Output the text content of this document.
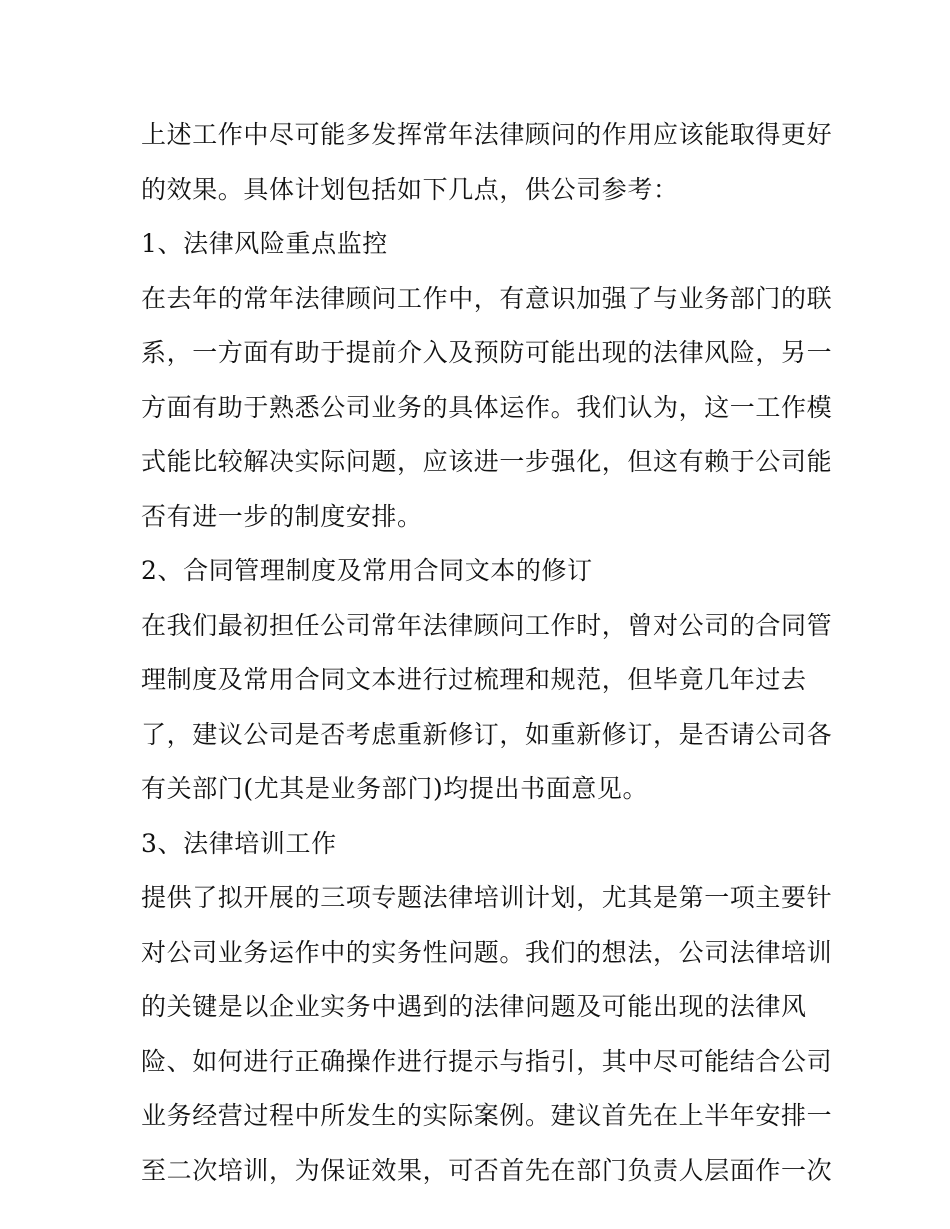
上述工作中尽可能多发挥常年法律顾问的作用应该能取得更好
的效果。具体计划包括如下几点，供公司参考：
1、法律风险重点监控
在去年的常年法律顾问工作中，有意识加强了与业务部门的联
系，一方面有助于提前介入及预防可能出现的法律风险，另一
方面有助于熟悉公司业务的具体运作。我们认为，这一工作模
式能比较解决实际问题，应该进一步强化，但这有赖于公司能
否有进一步的制度安排。
2、合同管理制度及常用合同文本的修订
在我们最初担任公司常年法律顾问工作时，曾对公司的合同管
理制度及常用合同文本进行过梳理和规范，但毕竟几年过去
了，建议公司是否考虑重新修订，如重新修订，是否请公司各
有关部门(尤其是业务部门)均提出书面意见。
3、法律培训工作
提供了拟开展的三项专题法律培训计划，尤其是第一项主要针
对公司业务运作中的实务性问题。我们的想法，公司法律培训
的关键是以企业实务中遇到的法律问题及可能出现的法律风
险、如何进行正确操作进行提示与指引，其中尽可能结合公司
业务经营过程中所发生的实际案例。建议首先在上半年安排一
至二次培训，为保证效果，可否首先在部门负责人层面作一次
